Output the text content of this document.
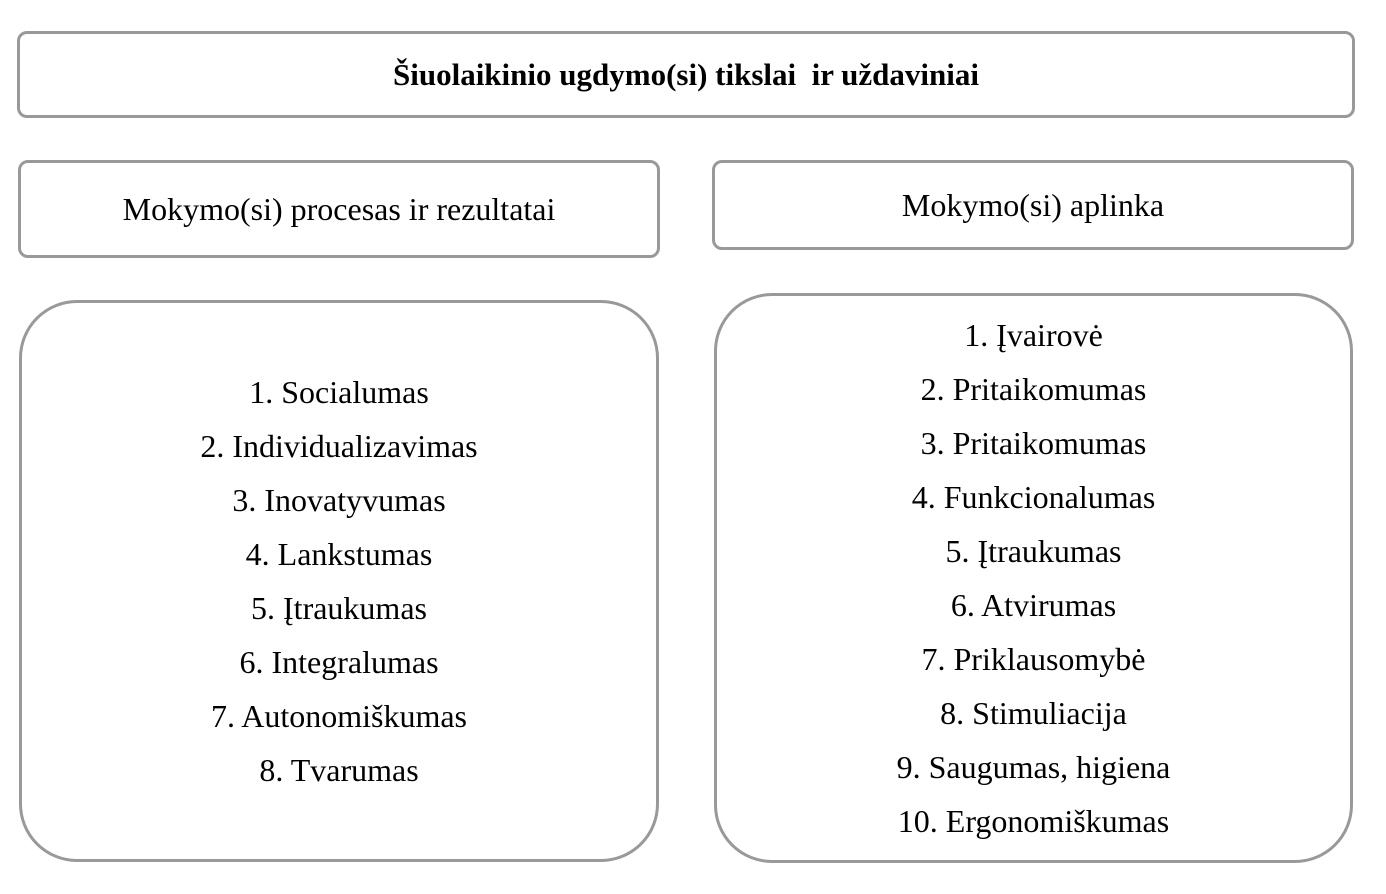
Šiuolaikinio ugdymo(si) tikslai  ir uždaviniai
Mokymo(si) procesas ir rezultatai	Mokymo(si) aplinka
1. Socialumas
2. Individualizavimas
3. Inovatyvumas
4. Lankstumas
5. Įtraukumas
6. Integralumas
7. Autonomiškumas
8. Tvarumas
1. Įvairovė
2. Pritaikomumas
3. Pritaikomumas
4. Funkcionalumas
5. Įtraukumas
6. Atvirumas
7. Priklausomybė
8. Stimuliacija
9. Saugumas, higiena
10. Ergonomiškumas
